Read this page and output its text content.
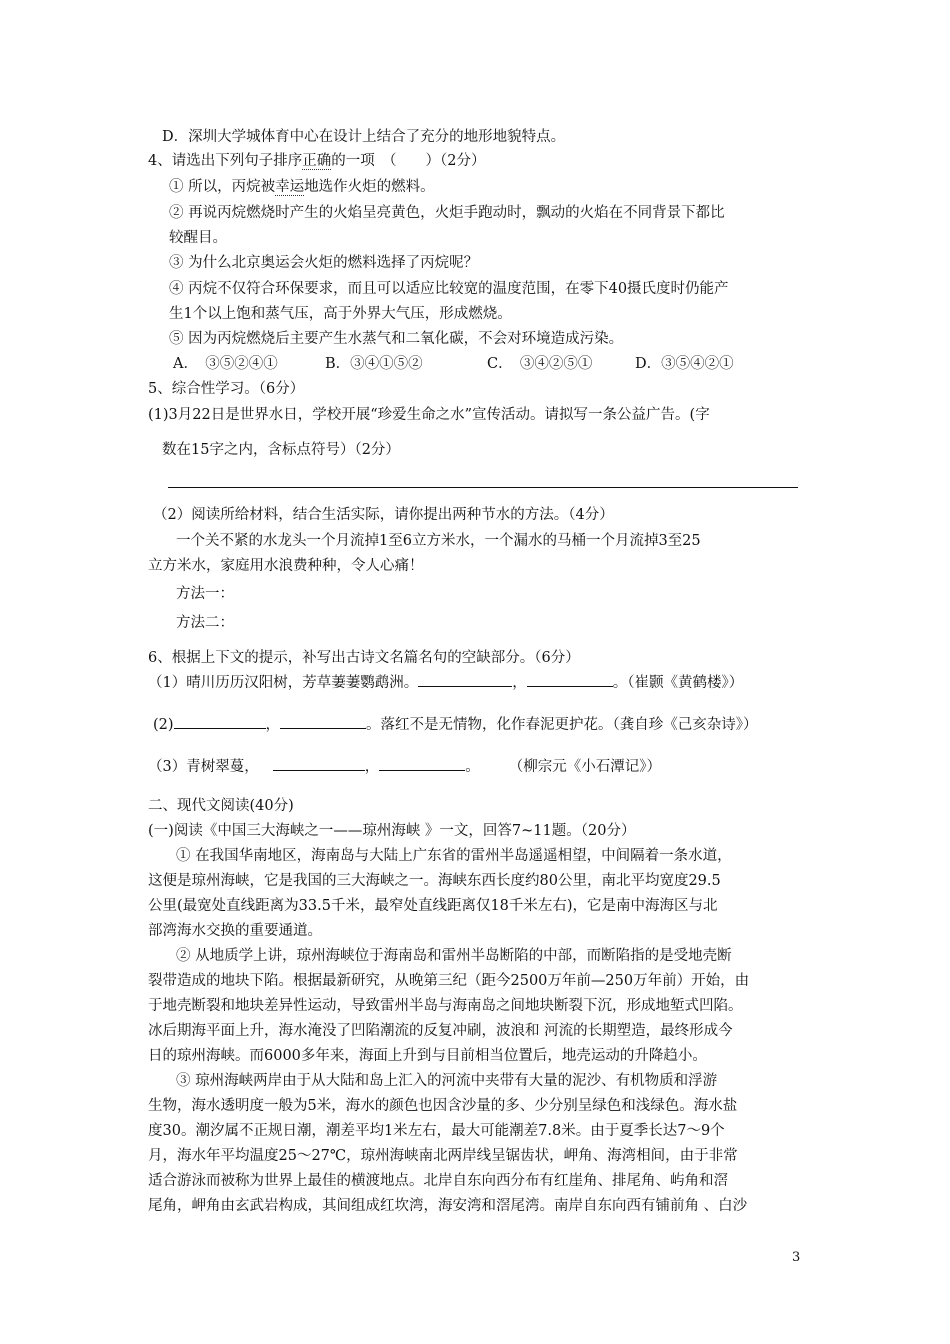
D．深圳大学城体育中心在设计上结合了充分的地形地貌特点。
4、请选出下列句子排序正确的一项　（　　）（2分）
① 所以，丙烷被幸运地选作火炬的燃料。
② 再说丙烷燃烧时产生的火焰呈亮黄色，火炬手跑动时，飘动的火焰在不同背景下都比
较醒目。
③ 为什么北京奥运会火炬的燃料选择了丙烷呢？
④ 丙烷不仅符合环保要求，而且可以适应比较宽的温度范围，在零下40摄氏度时仍能产
生1个以上饱和蒸气压，高于外界大气压，形成燃烧。
⑤ 因为丙烷燃烧后主要产生水蒸气和二氧化碳，不会对环境造成污染。
A．　③⑤②④①	B．③④①⑤②	C．　③④②⑤①	D．③⑤④②①
5、综合性学习。（6分）
(1)3月22日是世界水日，学校开展“珍爱生命之水”宣传活动。请拟写一条公益广告。(字
数在15字之内，含标点符号）（2分）
（2）阅读所给材料，结合生活实际，请你提出两种节水的方法。（4分）
一个关不紧的水龙头一个月流掉1至6立方米水，一个漏水的马桶一个月流掉3至25
立方米水，家庭用水浪费种种，令人心痛！
方法一：
方法二：
6、根据上下文的提示，补写出古诗文名篇名句的空缺部分。（6分）
（1）晴川历历汉阳树，芳草萋萋鹦鹉洲。	，	。（崔颢《黄鹤楼》）
(2)	，	。落红不是无情物，化作春泥更护花。（龚自珍《己亥杂诗》）
（3）青树翠蔓，	，	。　　　（柳宗元《小石潭记》）
二、现代文阅读(40分)
(一)阅读《中国三大海峡之一——琼州海峡 》一文，回答7~11题。（20分）
① 在我国华南地区，海南岛与大陆上广东省的雷州半岛遥遥相望，中间隔着一条水道，
这便是琼州海峡，它是我国的三大海峡之一。海峡东西长度约80公里，南北平均宽度29.5
公里(最宽处直线距离为33.5千米，最窄处直线距离仅18千米左右)，它是南中海海区与北
部湾海水交换的重要通道。
② 从地质学上讲，琼州海峡位于海南岛和雷州半岛断陷的中部，而断陷指的是受地壳断
裂带造成的地块下陷。根据最新研究，从晚第三纪（距今2500万年前—250万年前）开始，由
于地壳断裂和地块差异性运动，导致雷州半岛与海南岛之间地块断裂下沉，形成地堑式凹陷。
冰后期海平面上升，海水淹没了凹陷潮流的反复冲刷，波浪和 河流的长期塑造，最终形成今
日的琼州海峡。而6000多年来，海面上升到与目前相当位置后，地壳运动的升降趋小。
③ 琼州海峡两岸由于从大陆和岛上汇入的河流中夹带有大量的泥沙、有机物质和浮游
生物，海水透明度一般为5米，海水的颜色也因含沙量的多、少分别呈绿色和浅绿色。海水盐
度30。潮汐属不正规日潮，潮差平均1米左右，最大可能潮差7.8米。由于夏季长达7～9个
月，海水年平均温度25～27℃，琼州海峡南北两岸线呈锯齿状，岬角、海湾相间，由于非常
适合游泳而被称为世界上最佳的横渡地点。北岸自东向西分布有红崖角、排尾角、屿角和滘
尾角，岬角由玄武岩构成，其间组成红坎湾，海安湾和滘尾湾。南岸自东向西有铺前角 、白沙
3
